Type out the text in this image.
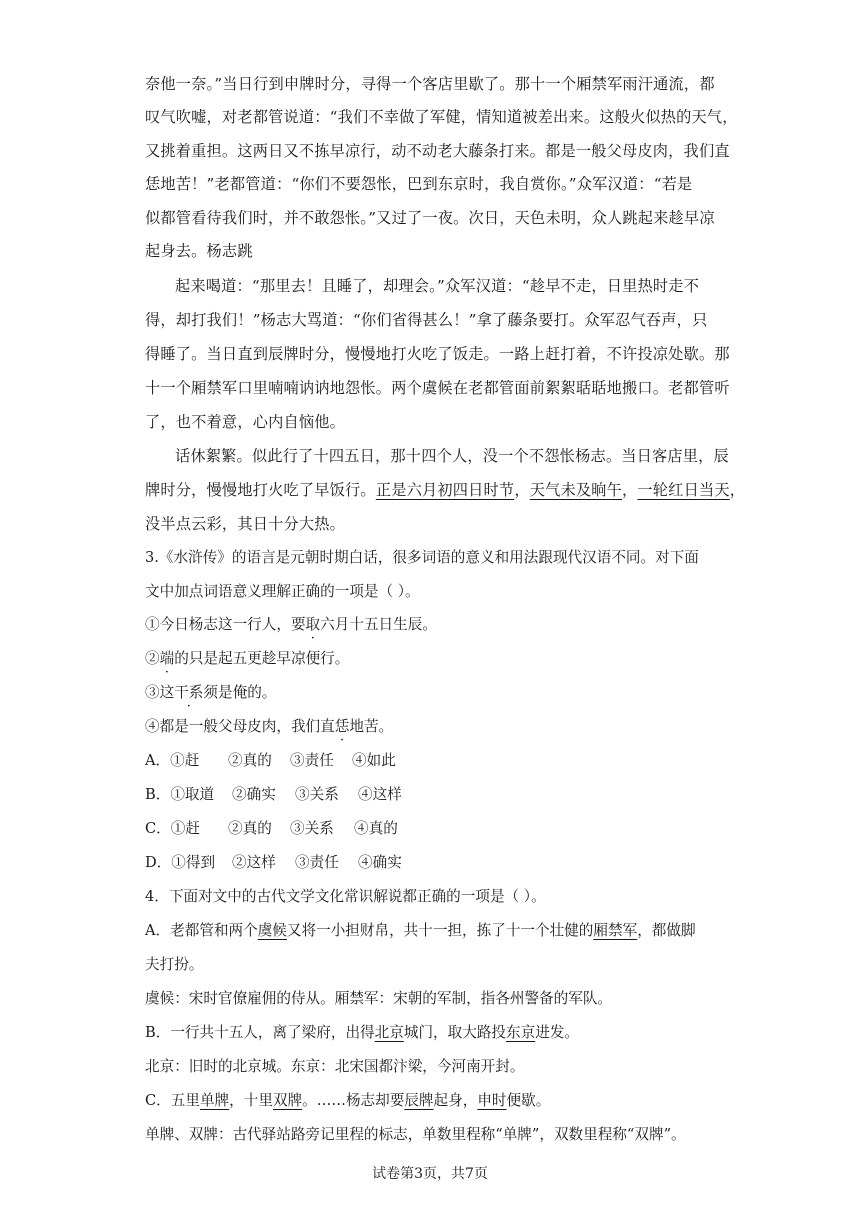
奈他一奈。”当日行到申牌时分，寻得一个客店里歇了。那十一个厢禁军雨汗通流，都
叹气吹嘘，对老都管说道：“我们不幸做了军健，情知道被差出来。这般火似热的天气，
又挑着重担。这两日又不拣早凉行，动不动老大藤条打来。都是一般父母皮肉，我们直
恁地苦！”老都管道：“你们不要怨怅，巴到东京时，我自赏你。”众军汉道：“若是
似都管看待我们时，并不敢怨怅。”又过了一夜。次日，天色未明，众人跳起来趁早凉
起身去。杨志跳
起来喝道：“那里去！且睡了，却理会。”众军汉道：“趁早不走，日里热时走不
得，却打我们！”杨志大骂道：“你们省得甚么！”拿了藤条要打。众军忍气吞声，只
得睡了。当日直到辰牌时分，慢慢地打火吃了饭走。一路上赶打着，不许投凉处歇。那
十一个厢禁军口里喃喃讷讷地怨怅。两个虞候在老都管面前絮絮聒聒地搬口。老都管听
了，也不着意，心内自恼他。
话休絮繁。似此行了十四五日，那十四个人，没一个不怨怅杨志。当日客店里，辰
牌时分，慢慢地打火吃了早饭行。正是六月初四日时节，天气未及晌午，一轮红日当天，
没半点云彩，其日十分大热。
3.《水浒传》的语言是元朝时期白话，很多词语的意义和用法跟现代汉语不同。对下面
文中加点词语意义理解正确的一项是（ ）。
①今日杨志这一行人，要取六月十五日生辰。
②端的只是起五更趁早凉便行。
③这干系须是俺的。
④都是一般父母皮肉，我们直恁地苦。
A．①赶 ②真的 ③责任 ④如此
B．①取道 ②确实 ③关系 ④这样
C．①赶 ②真的 ③关系 ④真的
D．①得到 ②这样 ③责任 ④确实
4．下面对文中的古代文学文化常识解说都正确的一项是（ ）。
A．老都管和两个虞候又将一小担财帛，共十一担，拣了十一个壮健的厢禁军，都做脚
夫打扮。
虞候：宋时官僚雇佣的侍从。厢禁军：宋朝的军制，指各州警备的军队。
B．一行共十五人，离了梁府，出得北京城门，取大路投东京进发。
北京：旧时的北京城。东京：北宋国都汴梁，今河南开封。
C．五里单牌，十里双牌。……杨志却要辰牌起身，申时便歇。
单牌、双牌：古代驿站路旁记里程的标志，单数里程称“单牌”，双数里程称“双牌”。
试卷第3页，共7页
